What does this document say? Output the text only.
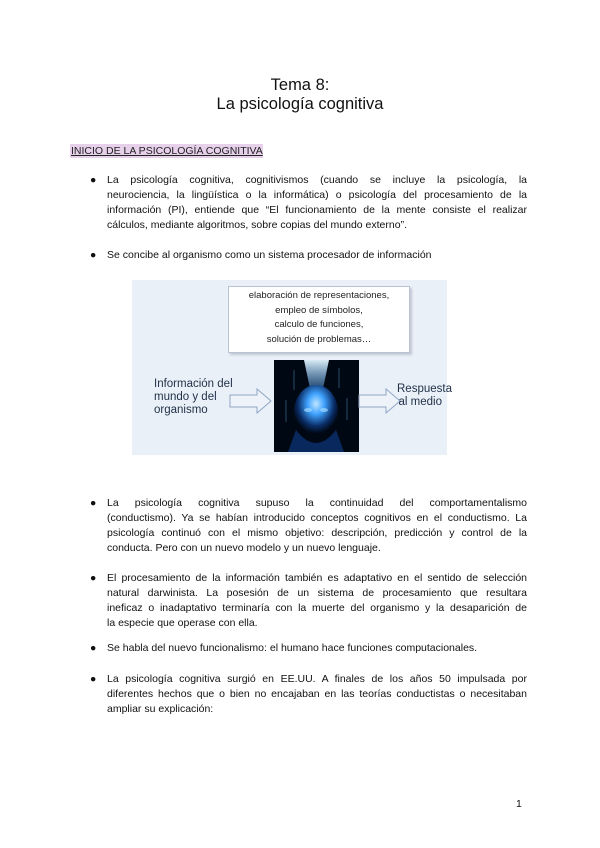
Tema 8:
La psicología cognitiva
INICIO DE LA PSICOLOGÍA COGNITIVA
● La psicología cognitiva, cognitivismos (cuando se incluye la psicología, la
neurociencia, la lingüística o la informática) o psicología del procesamiento de la
información (PI), entiende que “El funcionamiento de la mente consiste el realizar
cálculos, mediante algoritmos, sobre copias del mundo externo”.
● Se concibe al organismo como un sistema procesador de información
elaboración de representaciones,
empleo de símbolos,
calculo de funciones,
solución de problemas…
Información del
mundo y del
organismo
Respuesta
al medio
● La psicología cognitiva supuso la continuidad del comportamentalismo
(conductismo). Ya se habían introducido conceptos cognitivos en el conductismo. La
psicología continuó con el mismo objetivo: descripción, predicción y control de la
conducta. Pero con un nuevo modelo y un nuevo lenguaje.
● El procesamiento de la información también es adaptativo en el sentido de selección
natural darwinista. La posesión de un sistema de procesamiento que resultara
ineficaz o inadaptativo terminaría con la muerte del organismo y la desaparición de
la especie que operase con ella.
● Se habla del nuevo funcionalismo: el humano hace funciones computacionales.
● La psicología cognitiva surgió en EE.UU. A finales de los años 50 impulsada por
diferentes hechos que o bien no encajaban en las teorías conductistas o necesitaban
ampliar su explicación:
1
